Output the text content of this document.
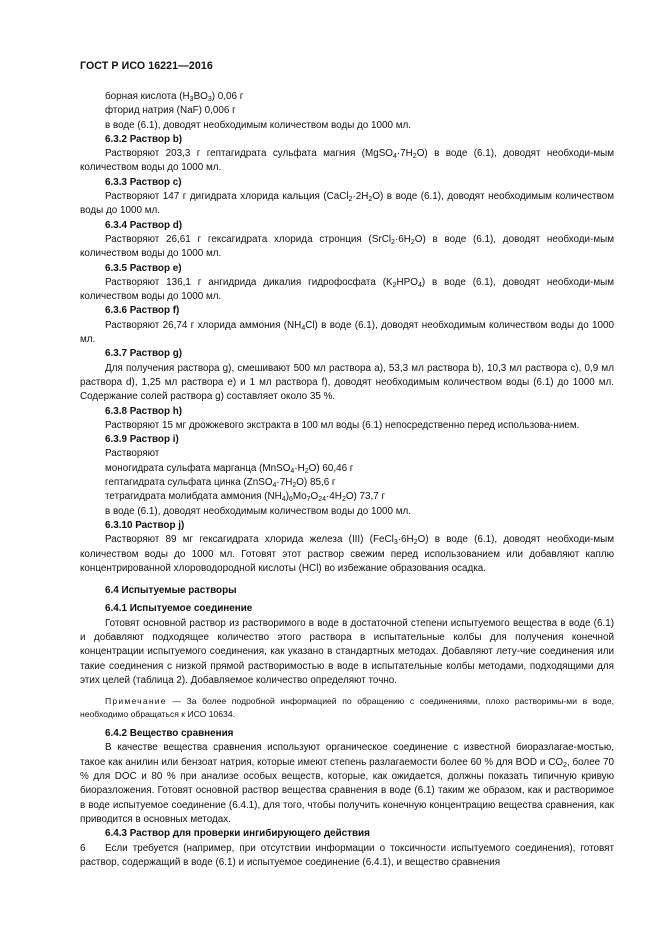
ГОСТ Р ИСО 16221—2016

борная кислота $(H_3BO_3)$ 0,06 г

фторид натрия (NaF) 0,006 г

в воде (6.1), доводят необходимым количеством воды до 1000 мл.

6.3.2 Раствор b)

Растворяют 203,3 г гептагидрата сульфата магния $(MgSO_4\cdot 7H_2O)$ в воде (6.1), доводят необходи-мым количеством воды до 1000 мл.

6.3.3 Раствор c)

Растворяют 147 г дигидрата хлорида кальция $(CaCl_2\cdot 2H_2O)$ в воде (6.1), доводят необходимым количеством воды до 1000 мл.

6.3.4 Раствор d)

Растворяют 26,61 г гексагидрата хлорида стронция $(SrCl_2\cdot 6H_2O)$ в воде (6.1), доводят необходи-мым количеством воды до 1000 мл.

6.3.5 Раствор e)

Растворяют 136,1 г ангидрида дикалия гидрофосфата $(K_2HPO_4)$ в воде (6.1), доводят необходи-мым количеством воды до 1000 мл.

6.3.6 Раствор f)

Растворяют 26,74 г хлорида аммония $(NH_4Cl)$ в воде (6.1), доводят необходимым количеством воды до 1000 мл.

6.3.7 Раствор g)

Для получения раствора g), смешивают 500 мл раствора a), 53,3 мл раствора b), 10,3 мл раствора c), 0,9 мл раствора d), 1,25 мл раствора e) и 1 мл раствора f), доводят необходимым количеством воды (6.1) до 1000 мл. Содержание солей раствора g) составляет около 35 %.

6.3.8 Раствор h)

Растворяют 15 мг дрожжевого экстракта в 100 мл воды (6.1) непосредственно перед использова-нием.

6.3.9 Раствор i)

Растворяют

моногидрата сульфата марганца $(MnSO_4\cdot H_2O)$ 60,46 г

гептагидрата сульфата цинка $(ZnSO_4\cdot 7H_2O)$ 85,6 г

тетрагидрата молибдата аммония $(NH_4)_6Mo_7O_{24}\cdot 4H_2O$) 73,7 г

в воде (6.1), доводят необходимым количеством воды до 1000 мл.

6.3.10 Раствор j)

Растворяют 89 мг гексагидрата хлорида железа (III) $(FeCl_3\cdot 6H_2O)$ в воде (6.1), доводят необходи-мым количеством воды до 1000 мл. Готовят этот раствор свежим перед использованием или добавляют каплю концентрированной хлороводородной кислоты (HCl) во избежание образования осадка.

6.4 Испытуемые растворы

6.4.1 Испытуемое соединение

Готовят основной раствор из растворимого в воде в достаточной степени испытуемого вещества в воде (6.1) и добавляют подходящее количество этого раствора в испытательные колбы для получения конечной концентрации испытуемого соединения, как указано в стандартных методах. Добавляют лету-чие соединения или такие соединения с низкой прямой растворимостью в воде в испытательные колбы методами, подходящими для этих целей (таблица 2). Добавляемое количество определяют точно.

Примечание — За более подробной информацией по обращению с соединениями, плохо растворимы-ми в воде, необходимо обращаться к ИСО 10634.

6.4.2 Вещество сравнения

В качестве вещества сравнения используют органическое соединение с известной биоразлагае-мостью, такое как анилин или бензоат натрия, которые имеют степень разлагаемости более 60 % для BOD и $CO_2$, более 70 % для DOC и 80 % при анализе особых веществ, которые, как ожидается, должны показать типичную кривую биоразложения. Готовят основной раствор вещества сравнения в воде (6.1) таким же образом, как и растворимое в воде испытуемое соединение (6.4.1), для того, чтобы получить конечную концентрацию вещества сравнения, как приводится в основных методах.

6.4.3 Раствор для проверки ингибирующего действия

Если требуется (например, при отсутствии информации о токсичности испытуемого соединения), готовят раствор, содержащий в воде (6.1) и испытуемое соединение (6.4.1), и вещество сравнения

6
